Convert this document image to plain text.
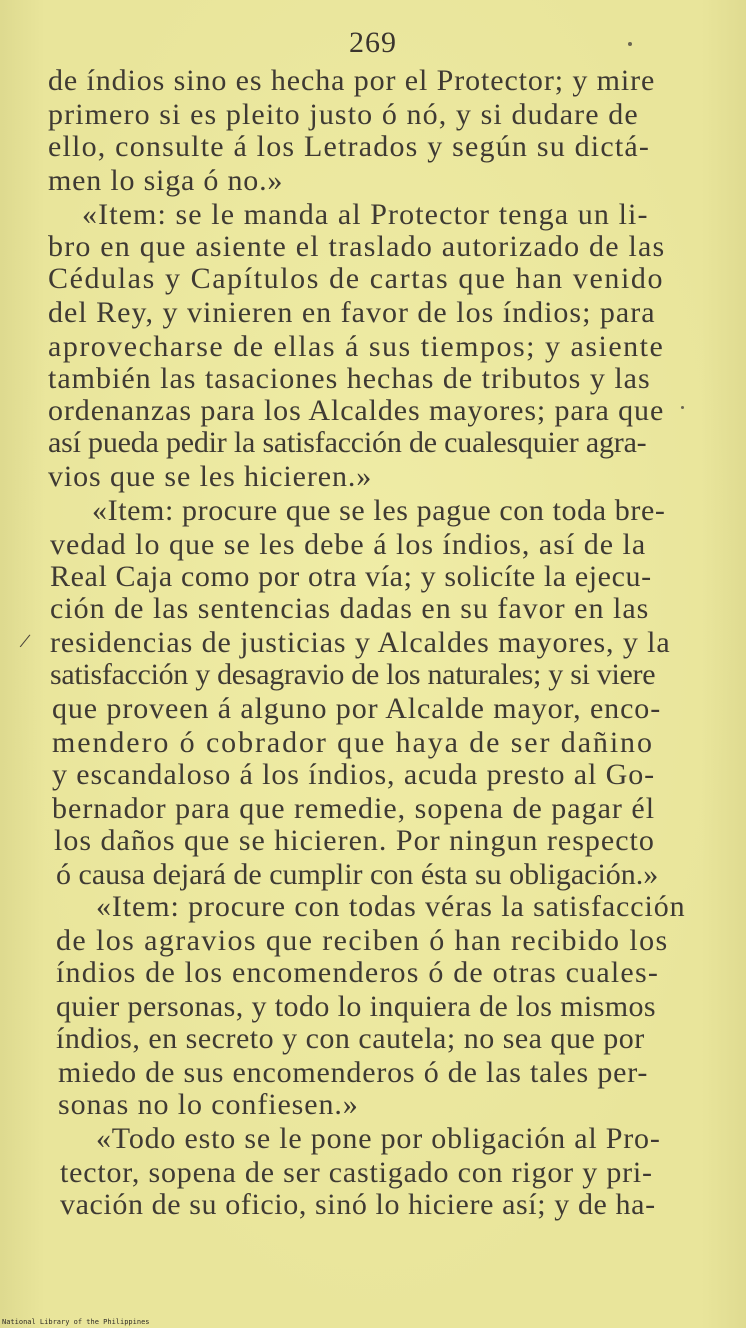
269
/
de índios sino es hecha por el Protector; y mire
primero si es pleito justo ó nó, y si dudare de
ello, consulte á los Letrados y según su dictá-
men lo siga ó no.»
«Item: se le manda al Protector tenga un li-
bro en que asiente el traslado autorizado de las
Cédulas y Capítulos de cartas que han venido
del Rey, y vinieren en favor de los índios; para
aprovecharse de ellas á sus tiempos; y asiente
también las tasaciones hechas de tributos y las
ordenanzas para los Alcaldes mayores; para que
así pueda pedir la satisfacción de cualesquier agra-
vios que se les hicieren.»
«Item: procure que se les pague con toda bre-
vedad lo que se les debe á los índios, así de la
Real Caja como por otra vía; y solicíte la ejecu-
ción de las sentencias dadas en su favor en las
residencias de justicias y Alcaldes mayores, y la
satisfacción y desagravio de los naturales; y si viere
que proveen á alguno por Alcalde mayor, enco-
mendero ó cobrador que haya de ser dañino
y escandaloso á los índios, acuda presto al Go-
bernador para que remedie, sopena de pagar él
los daños que se hicieren. Por ningun respecto
ó causa dejará de cumplir con ésta su obligación.»
«Item: procure con todas véras la satisfacción
de los agravios que reciben ó han recibido los
índios de los encomenderos ó de otras cuales-
quier personas, y todo lo inquiera de los mismos
índios, en secreto y con cautela; no sea que por
miedo de sus encomenderos ó de las tales per-
sonas no lo confiesen.»
«Todo esto se le pone por obligación al Pro-
tector, sopena de ser castigado con rigor y pri-
vación de su oficio, sinó lo hiciere así; y de ha-
National Library of the Philippines
